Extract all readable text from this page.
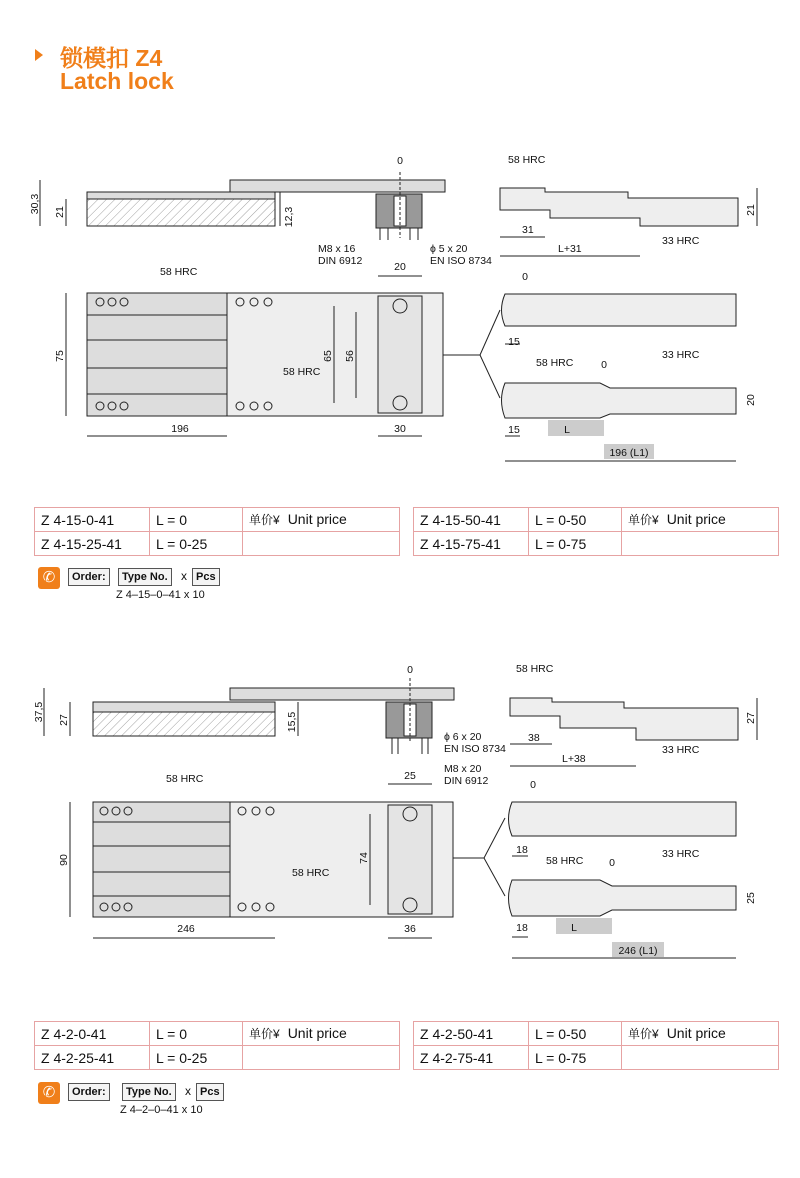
锁模扣 Z4
Latch lock
0
30,3 21	12,3
M8 x 16
DIN 6912
ϕ 5 x 20
EN ISO 8734
20
58 HRC
75	65 56
58 HRC
196	30
58 HRC
31
L+31
33 HRC
21
0
15
58 HRC	0
33 HRC
20
15	L
196 (L1)
0
37,5 27	15,5
ϕ 6 x 20
EN ISO 8734
M8 x 20
DIN 6912
25
58 HRC
90	74
58 HRC
246	36
58 HRC
38
L+38
33 HRC
27
0
18
58 HRC 0
33 HRC
25
18	L
246 (L1)
Z 4-15-0-41	L = 0	单价¥ Unit price
Z 4-15-25-41	L = 0-25	
Z 4-15-50-41	L = 0-50	单价¥ Unit price
Z 4-15-75-41	L = 0-75	
✆	Order:	Type No.	x Pcs
Z 4–15–0–41 x 10
Z 4-2-0-41	L = 0	单价¥ Unit price
Z 4-2-25-41	L = 0-25	
Z 4-2-50-41	L = 0-50	单价¥ Unit price
Z 4-2-75-41	L = 0-75	
✆	Order:	Type No.	x Pcs
Z 4–2–0–41 x 10
